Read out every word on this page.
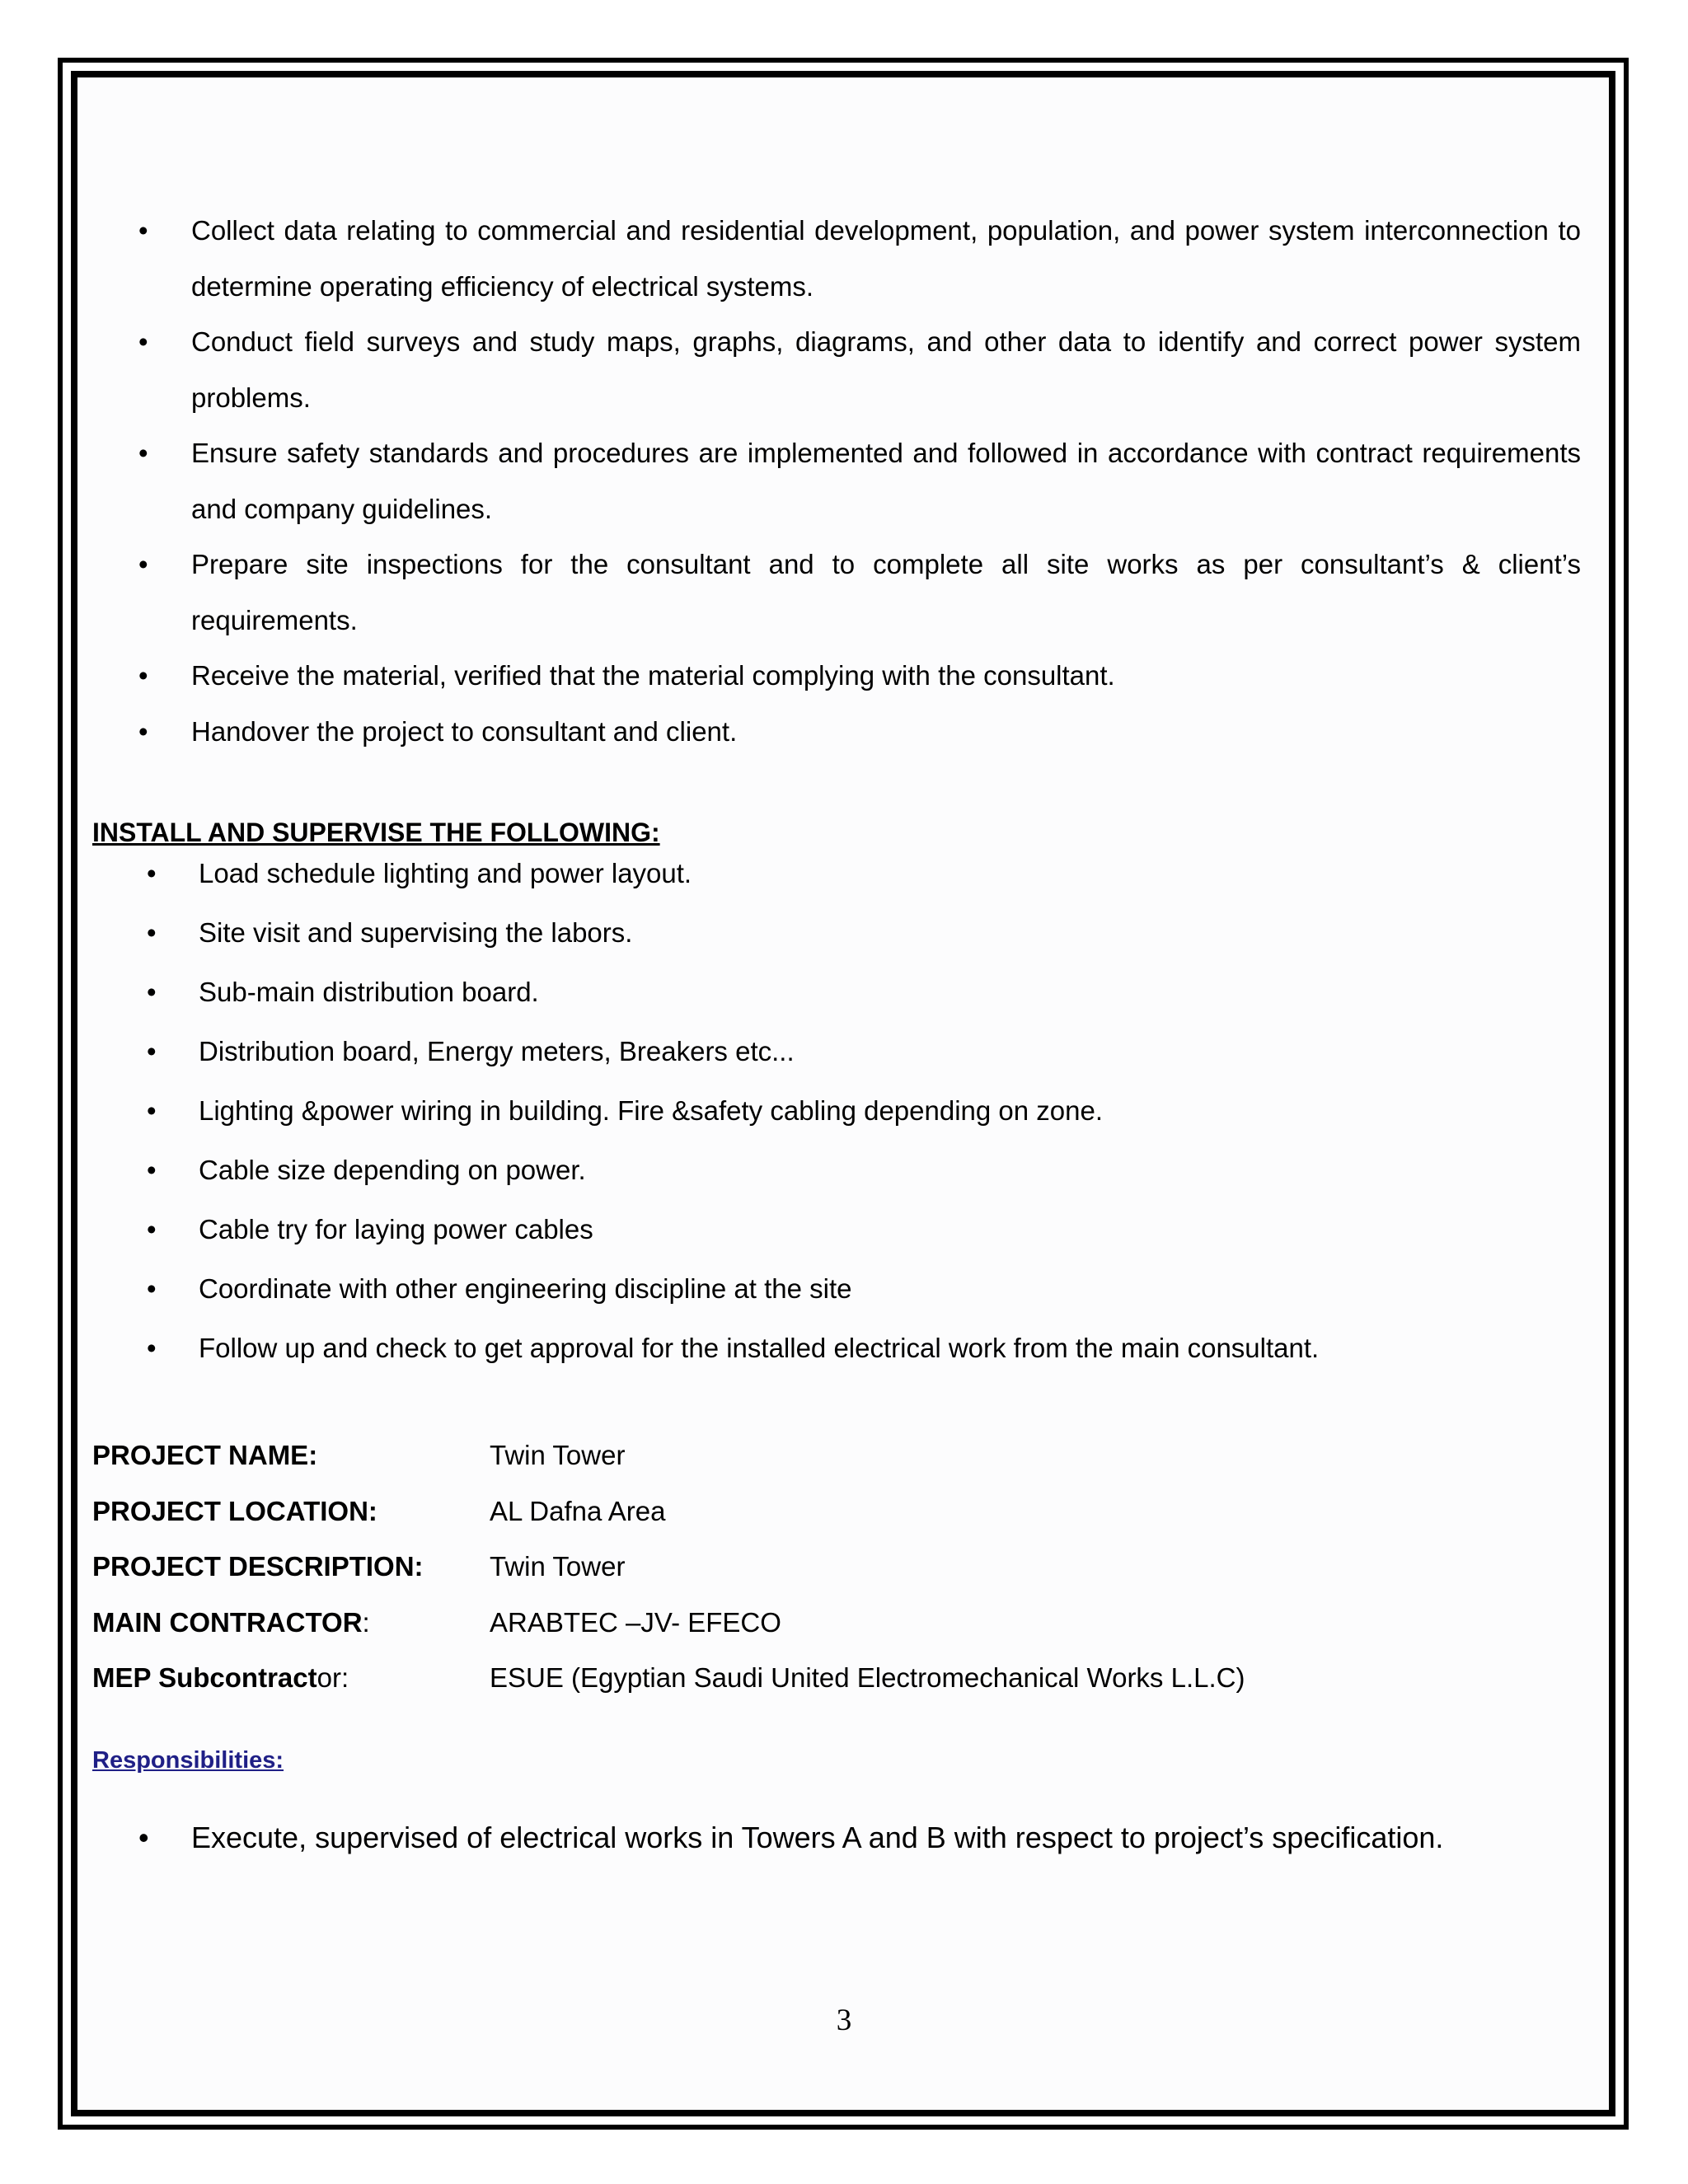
• Collect data relating to commercial and residential development, population, and power system interconnection to determine operating efficiency of electrical systems.
• Conduct field surveys and study maps, graphs, diagrams, and other data to identify and correct power system problems.
• Ensure safety standards and procedures are implemented and followed in accordance with contract requirements and company guidelines.
• Prepare site inspections for the consultant and to complete all site works as per consultant’s & client’s requirements.
• Receive the material, verified that the material complying with the consultant.
• Handover the project to consultant and client.
INSTALL AND SUPERVISE THE FOLLOWING:
• Load schedule lighting and power layout.
• Site visit and supervising the labors.
• Sub-main distribution board.
• Distribution board, Energy meters, Breakers etc...
• Lighting &power wiring in building. Fire &safety cabling depending on zone.
• Cable size depending on power.
• Cable try for laying power cables
• Coordinate with other engineering discipline at the site
• Follow up and check to get approval for the installed electrical work from the main consultant.
PROJECT NAME:	Twin Tower
PROJECT LOCATION:	AL Dafna Area
PROJECT DESCRIPTION:	Twin Tower
MAIN CONTRACTOR:	ARABTEC –JV- EFECO
MEP Subcontractor:	ESUE (Egyptian Saudi United Electromechanical Works L.L.C)
Responsibilities:
• Execute, supervised of electrical works in Towers A and B with respect to project’s specification.
3
